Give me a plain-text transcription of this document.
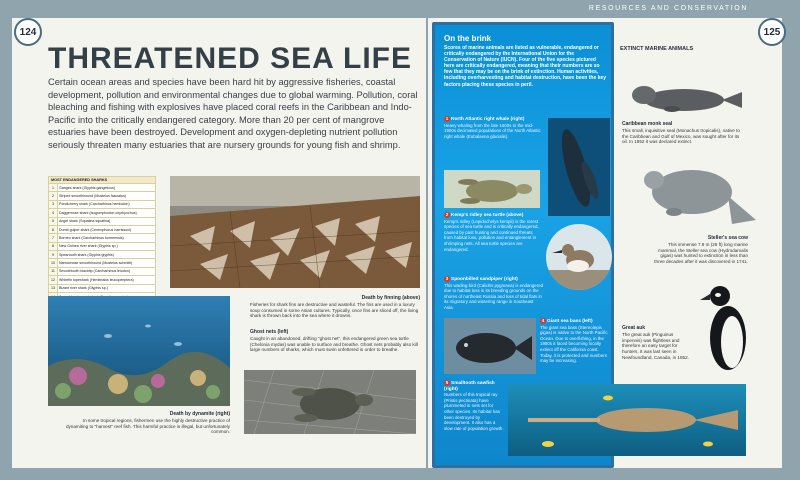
RESOURCES AND CONSERVATION
124	125
THREATENED SEA LIFE

Certain ocean areas and species have been hard hit by aggressive fisheries, coastal development, pollution and environmental changes due to global warming. Pollution, coral bleaching and fishing with explosives have placed coral reefs in the Caribbean and Indo-Pacific into the critically endangered category. More than 20 per cent of mangrove estuaries have been destroyed. Development and oxygen-depleting nutrient pollution seriously threaten many estuaries that are nursery grounds for young fish and shrimp.

MOST ENDANGERED SHARKS	
1	Ganges shark (Glyphis gangeticus)
2	Striped smoothhound (Mustelus fasciatus)
3	Pondicherry shark (Carcharhinus hemiodon)
4	Daggernose shark (Isogomphodon oxyrhynchus)
5	Angel shark (Squatina squatina)
6	Dumb gulper shark (Centrophorus harrissoni)
7	Borneo shark (Carcharhinus borneensis)
8	New Guinea river shark (Glyphis sp.)
9	Speartooth shark (Glyphis glyphis)
10	Narrownose smoothhound (Mustelus schmitti)
11	Smoothtooth blacktip (Carcharhinus leiodon)
12	Whitefin topeshark (Hemitriakis leucoperiptera)
13	Bizant river shark (Glyphis sp.)

Death by finning (above)
Fisheries for shark fins are destructive and wasteful. The fins are used in a luxury soup consumed in some Asian cultures. Typically, once fins are sliced off, the living shark is thrown back into the sea where it drowns.

Death by dynamite (right)
In some tropical regions, fishermen use the highly destructive practice of dynamiting to "harvest" reef fish. This harmful practice is illegal, but unfortunately common.

Ghost nets (left)
Caught in an abandoned, drifting "ghost net", this endangered green sea turtle (Chelonia mydas) was unable to surface and breathe. Ghost nets probably also kill large numbers of sharks, which must swim unfettered in order to breathe.

On the brink

Scores of marine animals are listed as vulnerable, endangered or critically endangered by the International Union for the Conservation of Nature (IUCN). Four of the five species pictured here are critically endangered, meaning that their numbers are so few that they may be on the brink of extinction. Human activities, including overharvesting and habitat destruction, have been the key factors placing these species in peril.

1 North Atlantic right whale (right)
Heavy whaling from the late 1600s to the mid-1900s decimated populations of the North Atlantic right whale (Eubalaena glacialis).

2 Kemp's ridley sea turtle (above)
Kemp's ridley (Lepidochelys kempii) is the rarest species of sea turtle and is critically endangered, caused by past hunting and continued threats from habitat loss, pollution and entanglement in shrimping nets. All sea turtle species are endangered.

3 Spoonbilled sandpiper (right)
This wading bird (Calidris pygmaea) is endangered due to habitat loss in its breeding grounds on the shores of northeast Russia and loss of tidal flats in its migratory and wintering range in Southeast Asia.

4 Giant sea bass (left)
The giant sea bass (Stereolepis gigas) is native to the North Pacific Ocean. Due to overfishing, in the 1980s it faced becoming locally extinct off the California coast. Today, it is protected and numbers may be increasing.

5 Smalltooth sawfish (right)
Numbers of this tropical ray (Pristis pectinata) have plummeted in nets set for other species. Its habitat has been destroyed by development. It also has a slow rate of population growth.

EXTINCT MARINE ANIMALS

Caribbean monk seal
This small, inquisitive seal (Monachus tropicalis), native to the Caribbean and Gulf of Mexico, was sought after for its oil. In 1952 it was declared extinct.

Steller's sea cow
This immense 7.9 m (26 ft) long marine mammal, the Steller sea cow (Hydrodamalis gigas) was hunted to extinction in less than three decades after it was discovered in 1741.

Great auk
The great auk (Pinguinus impennis) was flightless and therefore an easy target for hunters. It was last seen in Newfoundland, Canada, in 1852.
